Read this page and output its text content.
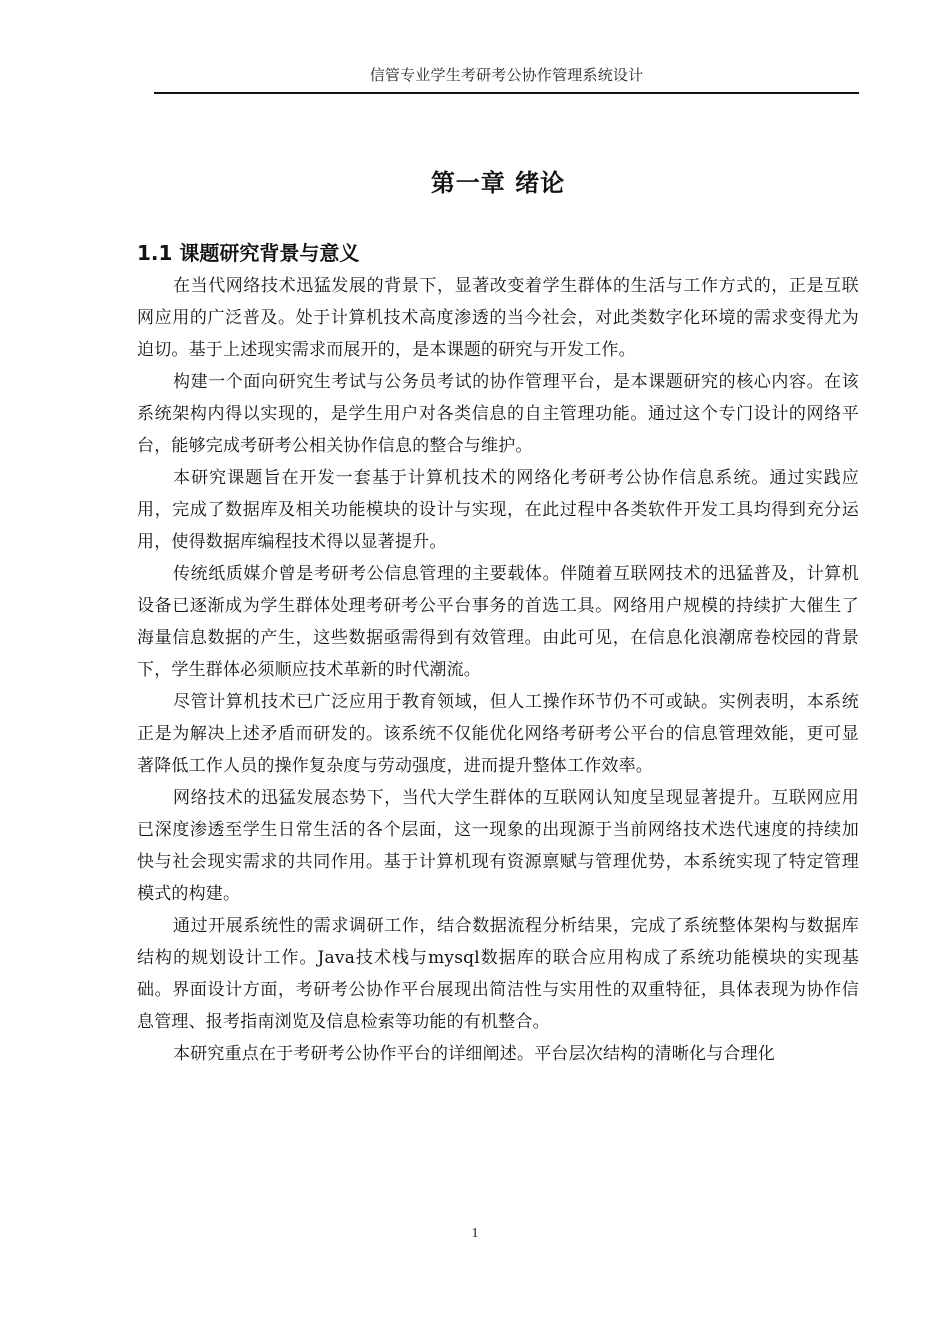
信管专业学生考研考公协作管理系统设计
第一章 绪论
1.1 课题研究背景与意义

在当代网络技术迅猛发展的背景下，显著改变着学生群体的生活与工作方式的，正是互联网应用的广泛普及。处于计算机技术高度渗透的当今社会，对此类数字化环境的需求变得尤为迫切。基于上述现实需求而展开的，是本课题的研究与开发工作。

构建一个面向研究生考试与公务员考试的协作管理平台，是本课题研究的核心内容。在该系统架构内得以实现的，是学生用户对各类信息的自主管理功能。通过这个专门设计的网络平台，能够完成考研考公相关协作信息的整合与维护。

本研究课题旨在开发一套基于计算机技术的网络化考研考公协作信息系统。通过实践应用，完成了数据库及相关功能模块的设计与实现，在此过程中各类软件开发工具均得到充分运用，使得数据库编程技术得以显著提升。

传统纸质媒介曾是考研考公信息管理的主要载体。伴随着互联网技术的迅猛普及，计算机设备已逐渐成为学生群体处理考研考公平台事务的首选工具。网络用户规模的持续扩大催生了海量信息数据的产生，这些数据亟需得到有效管理。由此可见，在信息化浪潮席卷校园的背景下，学生群体必须顺应技术革新的时代潮流。

尽管计算机技术已广泛应用于教育领域，但人工操作环节仍不可或缺。实例表明，本系统正是为解决上述矛盾而研发的。该系统不仅能优化网络考研考公平台的信息管理效能，更可显著降低工作人员的操作复杂度与劳动强度，进而提升整体工作效率。

网络技术的迅猛发展态势下，当代大学生群体的互联网认知度呈现显著提升。互联网应用已深度渗透至学生日常生活的各个层面，这一现象的出现源于当前网络技术迭代速度的持续加快与社会现实需求的共同作用。基于计算机现有资源禀赋与管理优势，本系统实现了特定管理模式的构建。

通过开展系统性的需求调研工作，结合数据流程分析结果，完成了系统整体架构与数据库结构的规划设计工作。Java技术栈与mysql数据库的联合应用构成了系统功能模块的实现基础。界面设计方面，考研考公协作平台展现出简洁性与实用性的双重特征，具体表现为协作信息管理、报考指南浏览及信息检索等功能的有机整合。

本研究重点在于考研考公协作平台的详细阐述。平台层次结构的清晰化与合理化

1
